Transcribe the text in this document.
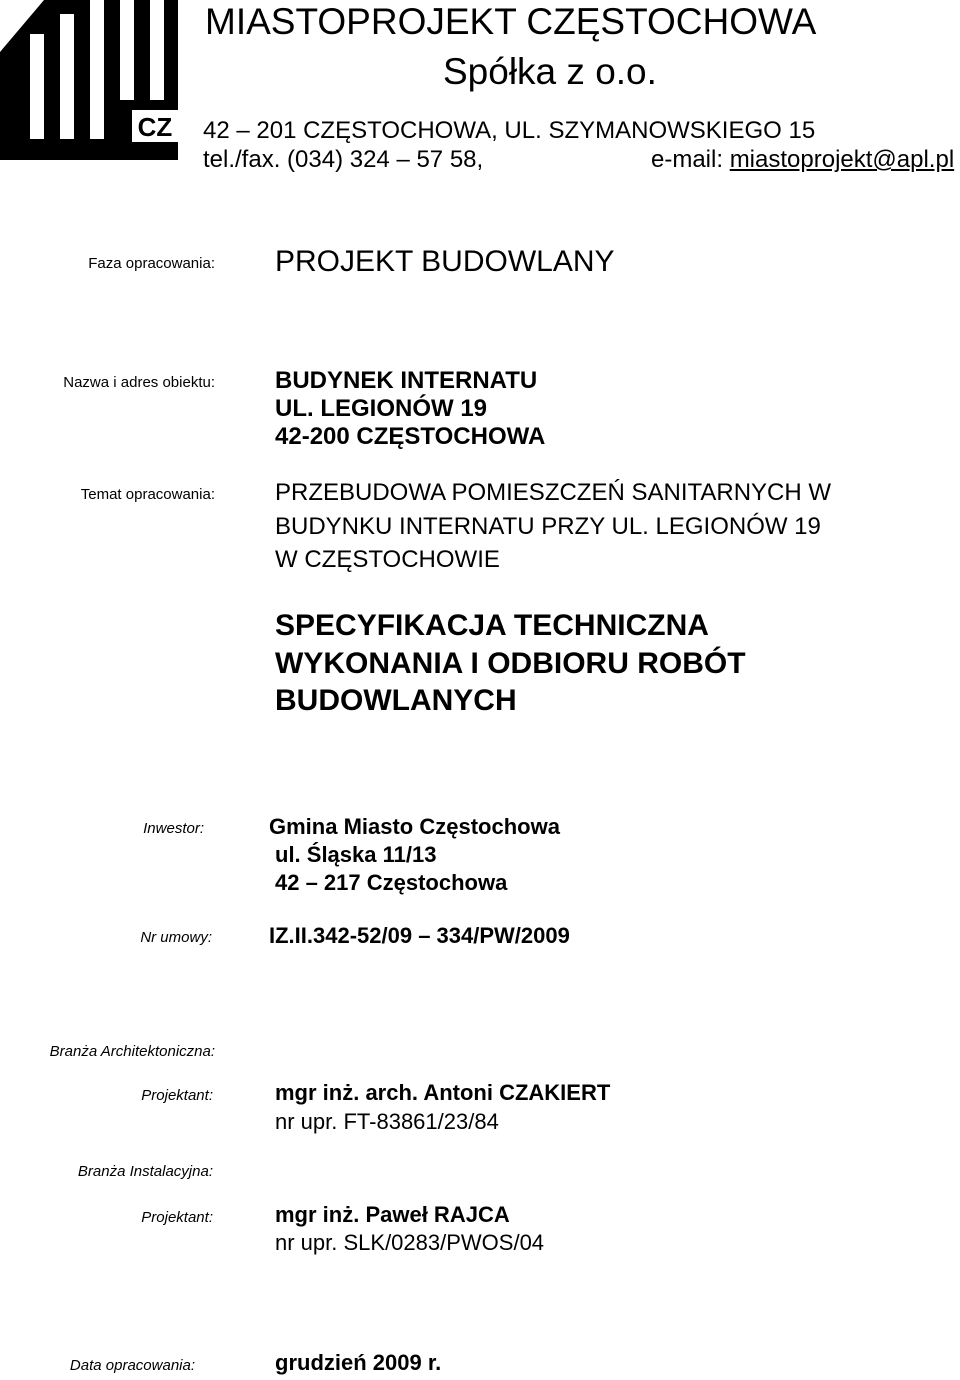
CZ
MIASTOPROJEKT CZĘSTOCHOWA
Spółka z o.o.
42 – 201 CZĘSTOCHOWA, UL. SZYMANOWSKIEGO 15
tel./fax. (034) 324 – 57 58,	e-mail: miastoprojekt@apl.pl
Faza opracowania: PROJEKT BUDOWLANY
Nazwa i adres obiektu:	BUDYNEK INTERNATU
UL. LEGIONÓW 19
42-200 CZĘSTOCHOWA
Temat opracowania:	PRZEBUDOWA POMIESZCZEŃ SANITARNYCH W
BUDYNKU INTERNATU PRZY UL. LEGIONÓW 19
W CZĘSTOCHOWIE
SPECYFIKACJA TECHNICZNA
WYKONANIA I ODBIORU ROBÓT
BUDOWLANYCH
Inwestor:	Gmina Miasto Częstochowa
ul. Śląska 11/13
42 – 217 Częstochowa
Nr umowy:	IZ.II.342-52/09 – 334/PW/2009
Branża Architektoniczna:
Projektant:	mgr inż. arch. Antoni CZAKIERT
nr upr. FT-83861/23/84
Branża Instalacyjna:
Projektant:	mgr inż. Paweł RAJCA
nr upr. SLK/0283/PWOS/04
Data opracowania:	grudzień 2009 r.
